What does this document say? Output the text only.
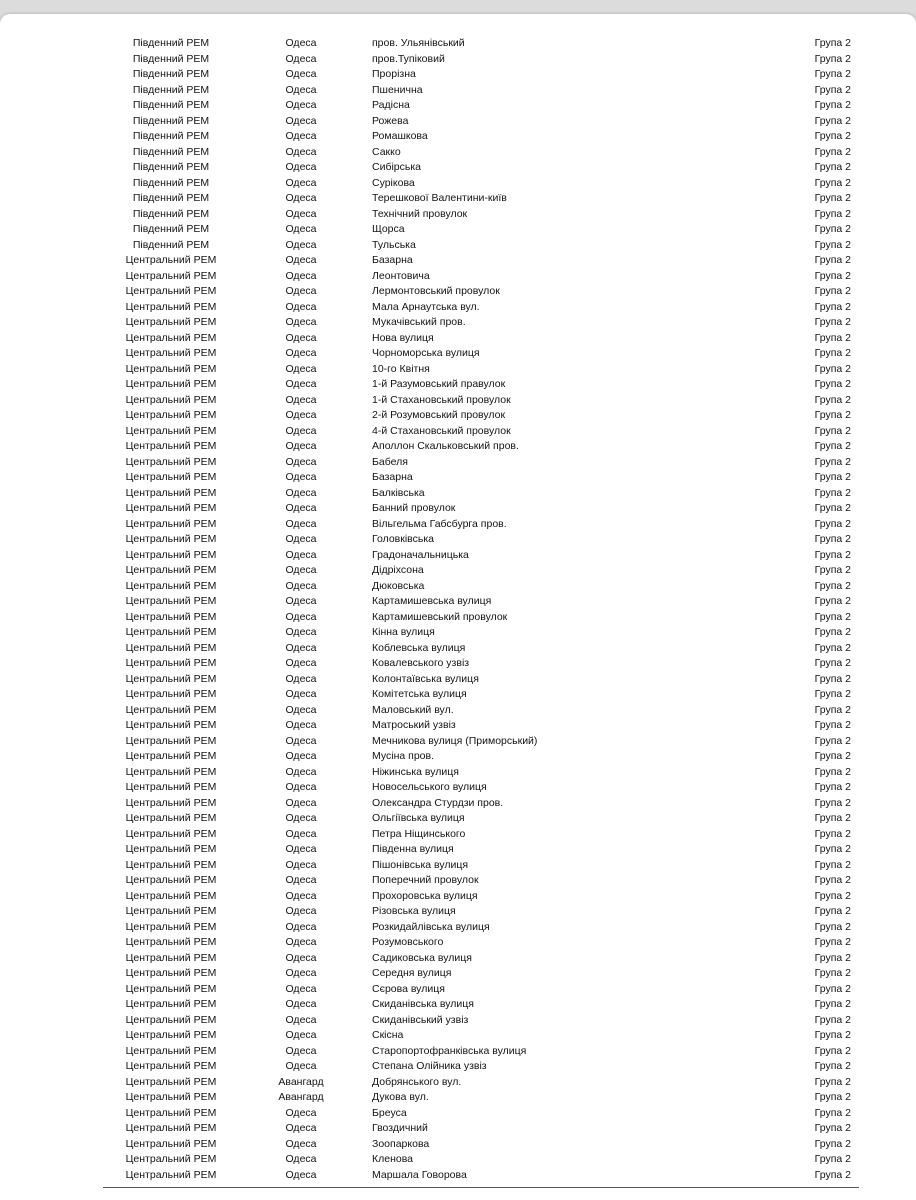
Південний РЕМ	Одеса	пров. Ульянівський	Група 2
Південний РЕМ	Одеса	пров.Тупіковий	Група 2
Південний РЕМ	Одеса	Прорізна	Група 2
Південний РЕМ	Одеса	Пшенична	Група 2
Південний РЕМ	Одеса	Радісна	Група 2
Південний РЕМ	Одеса	Рожева	Група 2
Південний РЕМ	Одеса	Ромашкова	Група 2
Південний РЕМ	Одеса	Сакко	Група 2
Південний РЕМ	Одеса	Сибірська	Група 2
Південний РЕМ	Одеса	Сурікова	Група 2
Південний РЕМ	Одеса	Терешкової Валентини-київ	Група 2
Південний РЕМ	Одеса	Технічний провулок	Група 2
Південний РЕМ	Одеса	Щорса	Група 2
Південний РЕМ	Одеса	Тульська	Група 2
Центральний РЕМ	Одеса	Базарна	Група 2
Центральний РЕМ	Одеса	Леонтовича	Група 2
Центральний РЕМ	Одеса	Лермонтовський провулок	Група 2
Центральний РЕМ	Одеса	Мала Арнаутська вул.	Група 2
Центральний РЕМ	Одеса	Мукачівський пров.	Група 2
Центральний РЕМ	Одеса	Нова вулиця	Група 2
Центральний РЕМ	Одеса	Чорноморська вулиця	Група 2
Центральний РЕМ	Одеса	10-го Квітня	Група 2
Центральний РЕМ	Одеса	1-й Разумовський правулок	Група 2
Центральний РЕМ	Одеса	1-й Стахановський провулок	Група 2
Центральний РЕМ	Одеса	2-й Розумовський провулок	Група 2
Центральний РЕМ	Одеса	4-й Стахановський провулок	Група 2
Центральний РЕМ	Одеса	Аполлон Скальковський пров.	Група 2
Центральний РЕМ	Одеса	Бабеля	Група 2
Центральний РЕМ	Одеса	Базарна	Група 2
Центральний РЕМ	Одеса	Балківська	Група 2
Центральний РЕМ	Одеса	Банний провулок	Група 2
Центральний РЕМ	Одеса	Вільгельма Габсбурга пров.	Група 2
Центральний РЕМ	Одеса	Головківська	Група 2
Центральний РЕМ	Одеса	Градоначальницька	Група 2
Центральний РЕМ	Одеса	Дідріхсона	Група 2
Центральний РЕМ	Одеса	Дюковська	Група 2
Центральний РЕМ	Одеса	Картамишевська вулиця	Група 2
Центральний РЕМ	Одеса	Картамишевський провулок	Група 2
Центральний РЕМ	Одеса	Кінна вулиця	Група 2
Центральний РЕМ	Одеса	Коблевська вулиця	Група 2
Центральний РЕМ	Одеса	Ковалевського узвіз	Група 2
Центральний РЕМ	Одеса	Колонтаївська вулиця	Група 2
Центральний РЕМ	Одеса	Комітетська вулиця	Група 2
Центральний РЕМ	Одеса	Маловський вул.	Група 2
Центральний РЕМ	Одеса	Матроський узвіз	Група 2
Центральний РЕМ	Одеса	Мечникова вулиця (Приморський)	Група 2
Центральний РЕМ	Одеса	Мусіна пров.	Група 2
Центральний РЕМ	Одеса	Ніжинська вулиця	Група 2
Центральний РЕМ	Одеса	Новосельського вулиця	Група 2
Центральний РЕМ	Одеса	Олександра Стурдзи пров.	Група 2
Центральний РЕМ	Одеса	Ольгіївська вулиця	Група 2
Центральний РЕМ	Одеса	Петра Ніщинського	Група 2
Центральний РЕМ	Одеса	Південна вулиця	Група 2
Центральний РЕМ	Одеса	Пішонівська вулиця	Група 2
Центральний РЕМ	Одеса	Поперечний провулок	Група 2
Центральний РЕМ	Одеса	Прохоровська вулиця	Група 2
Центральний РЕМ	Одеса	Різовська вулиця	Група 2
Центральний РЕМ	Одеса	Розкидайлівська вулиця	Група 2
Центральний РЕМ	Одеса	Розумовського	Група 2
Центральний РЕМ	Одеса	Садиковська вулиця	Група 2
Центральний РЕМ	Одеса	Середня вулиця	Група 2
Центральний РЕМ	Одеса	Сєрова вулиця	Група 2
Центральний РЕМ	Одеса	Скиданівська вулиця	Група 2
Центральний РЕМ	Одеса	Скиданівський узвіз	Група 2
Центральний РЕМ	Одеса	Скісна	Група 2
Центральний РЕМ	Одеса	Старопортофранківська вулиця	Група 2
Центральний РЕМ	Одеса	Степана Олійника узвіз	Група 2
Центральний РЕМ	Авангард	Добрянського вул.	Група 2
Центральний РЕМ	Авангард	Дукова вул.	Група 2
Центральний РЕМ	Одеса	Бреуса	Група 2
Центральний РЕМ	Одеса	Гвоздичний	Група 2
Центральний РЕМ	Одеса	Зоопаркова	Група 2
Центральний РЕМ	Одеса	Кленова	Група 2
Центральний РЕМ	Одеса	Маршала Говорова	Група 2
